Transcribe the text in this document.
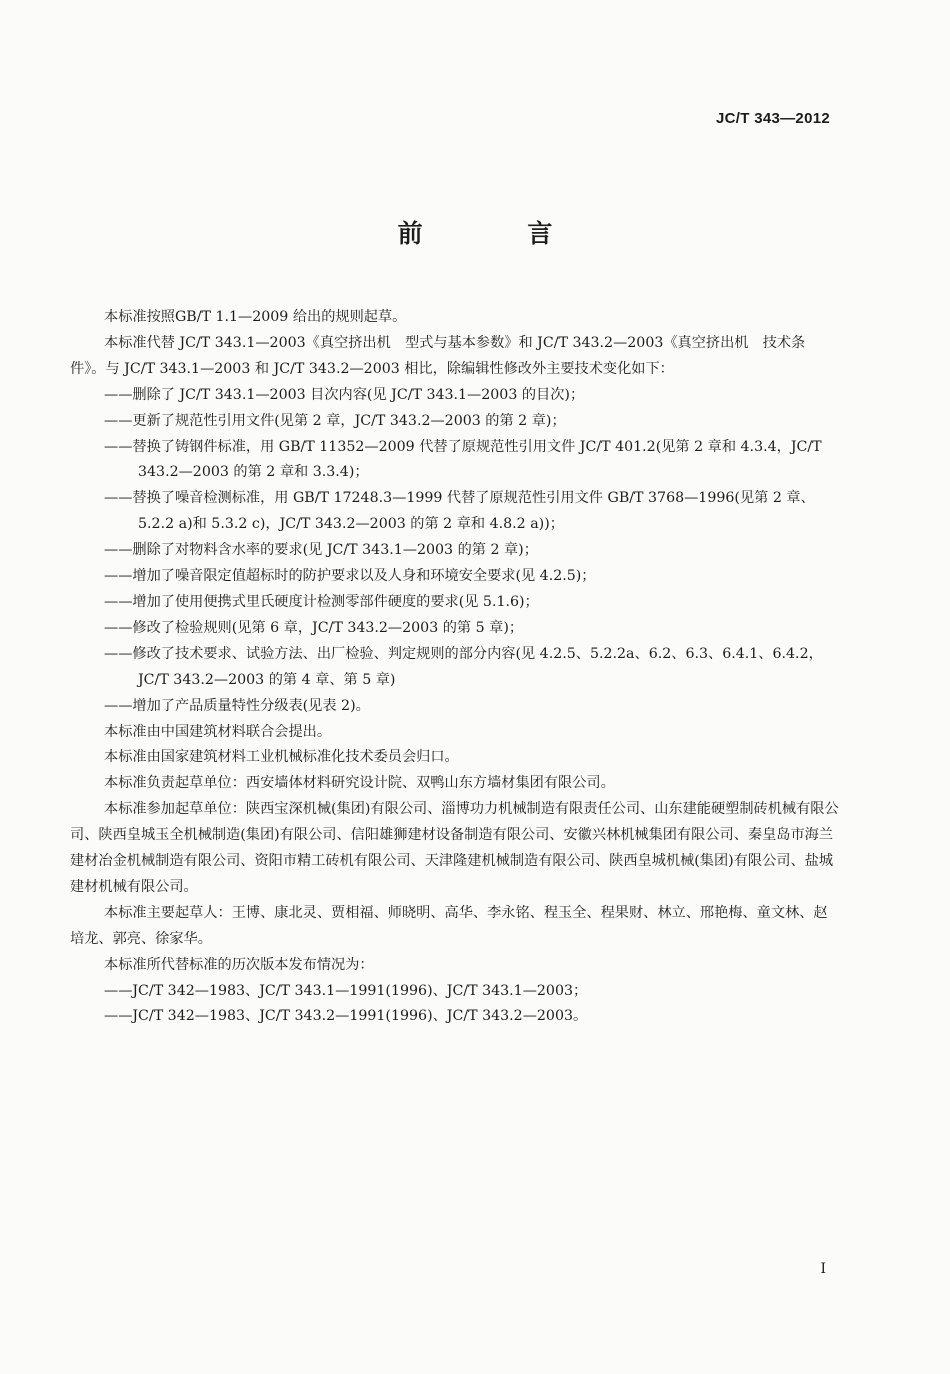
JC/T 343—2012
前 言

本标准按照GB/T 1.1—2009 给出的规则起草。

本标准代替 JC/T 343.1—2003《真空挤出机　型式与基本参数》和 JC/T 343.2—2003《真空挤出机　技术条件》。与 JC/T 343.1—2003 和 JC/T 343.2—2003 相比，除编辑性修改外主要技术变化如下：

——删除了 JC/T 343.1—2003 目次内容(见 JC/T 343.1—2003 的目次)；

——更新了规范性引用文件(见第 2 章，JC/T 343.2—2003 的第 2 章)；

——替换了铸钢件标准，用 GB/T 11352—2009 代替了原规范性引用文件 JC/T 401.2(见第 2 章和 4.3.4，JC/T 343.2—2003 的第 2 章和 3.3.4)；

——替换了噪音检测标准，用 GB/T 17248.3—1999 代替了原规范性引用文件 GB/T 3768—1996(见第 2 章、5.2.2 a)和 5.3.2 c)，JC/T 343.2—2003 的第 2 章和 4.8.2 a))；

——删除了对物料含水率的要求(见 JC/T 343.1—2003 的第 2 章)；

——增加了噪音限定值超标时的防护要求以及人身和环境安全要求(见 4.2.5)；

——增加了使用便携式里氏硬度计检测零部件硬度的要求(见 5.1.6)；

——修改了检验规则(见第 6 章，JC/T 343.2—2003 的第 5 章)；

——修改了技术要求、试验方法、出厂检验、判定规则的部分内容(见 4.2.5、5.2.2a、6.2、6.3、6.4.1、6.4.2，JC/T 343.2—2003 的第 4 章、第 5 章)

——增加了产品质量特性分级表(见表 2)。

本标准由中国建筑材料联合会提出。

本标准由国家建筑材料工业机械标准化技术委员会归口。

本标准负责起草单位：西安墙体材料研究设计院、双鸭山东方墙材集团有限公司。

本标准参加起草单位：陕西宝深机械(集团)有限公司、淄博功力机械制造有限责任公司、山东建能硬塑制砖机械有限公司、陕西皇城玉全机械制造(集团)有限公司、信阳雄狮建材设备制造有限公司、安徽兴林机械集团有限公司、秦皇岛市海兰建材冶金机械制造有限公司、资阳市精工砖机有限公司、天津隆建机械制造有限公司、陕西皇城机械(集团)有限公司、盐城建材机械有限公司。

本标准主要起草人：王博、康北灵、贾相福、师晓明、高华、李永铭、程玉全、程果财、林立、邢艳梅、童文林、赵培龙、郭亮、徐家华。

本标准所代替标准的历次版本发布情况为：

——JC/T 342—1983、JC/T 343.1—1991(1996)、JC/T 343.1—2003；

——JC/T 342—1983、JC/T 343.2—1991(1996)、JC/T 343.2—2003。

I
